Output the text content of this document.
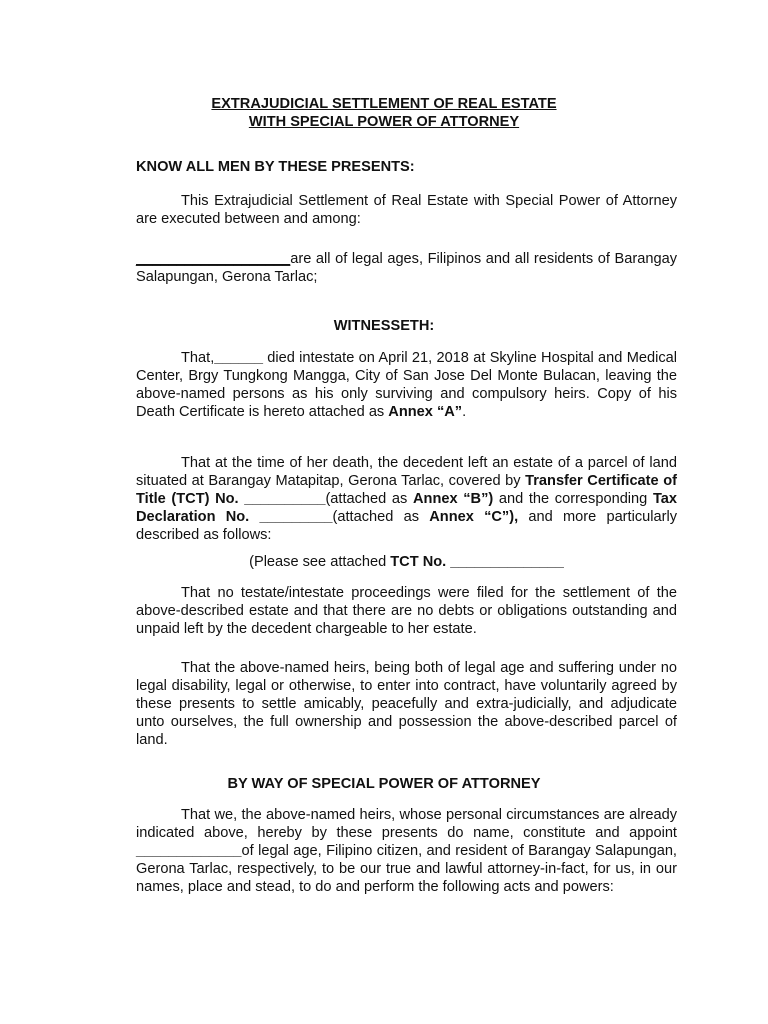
EXTRAJUDICIAL SETTLEMENT OF REAL ESTATE
WITH SPECIAL POWER OF ATTORNEY

KNOW ALL MEN BY THESE PRESENTS:

This Extrajudicial Settlement of Real Estate with Special Power of Attorney are executed between and among:

___________________are all of legal ages, Filipinos and all residents of Barangay Salapungan, Gerona Tarlac;

WITNESSETH:

That,______ died intestate on April 21, 2018 at Skyline Hospital and Medical Center, Brgy Tungkong Mangga, City of San Jose Del Monte Bulacan, leaving the above-named persons as his only surviving and compulsory heirs. Copy of his Death Certificate is hereto attached as Annex “A”.

That at the time of her death, the decedent left an estate of a parcel of land situated at Barangay Matapitap, Gerona Tarlac, covered by Transfer Certificate of Title (TCT) No. __________(attached as Annex “B”) and the corresponding Tax Declaration No. _________(attached as Annex “C”), and more particularly described as follows:

(Please see attached TCT No. ______________

That no testate/intestate proceedings were filed for the settlement of the above-described estate and that there are no debts or obligations outstanding and unpaid left by the decedent chargeable to her estate.

That the above-named heirs, being both of legal age and suffering under no legal disability, legal or otherwise, to enter into contract, have voluntarily agreed by these presents to settle amicably, peacefully and extra-judicially, and adjudicate unto ourselves, the full ownership and possession the above-described parcel of land.

BY WAY OF SPECIAL POWER OF ATTORNEY

That we, the above-named heirs, whose personal circumstances are already indicated above, hereby by these presents do name, constitute and appoint _____________of legal age, Filipino citizen, and resident of Barangay Salapungan, Gerona Tarlac, respectively, to be our true and lawful attorney-in-fact, for us, in our names, place and stead, to do and perform the following acts and powers:
